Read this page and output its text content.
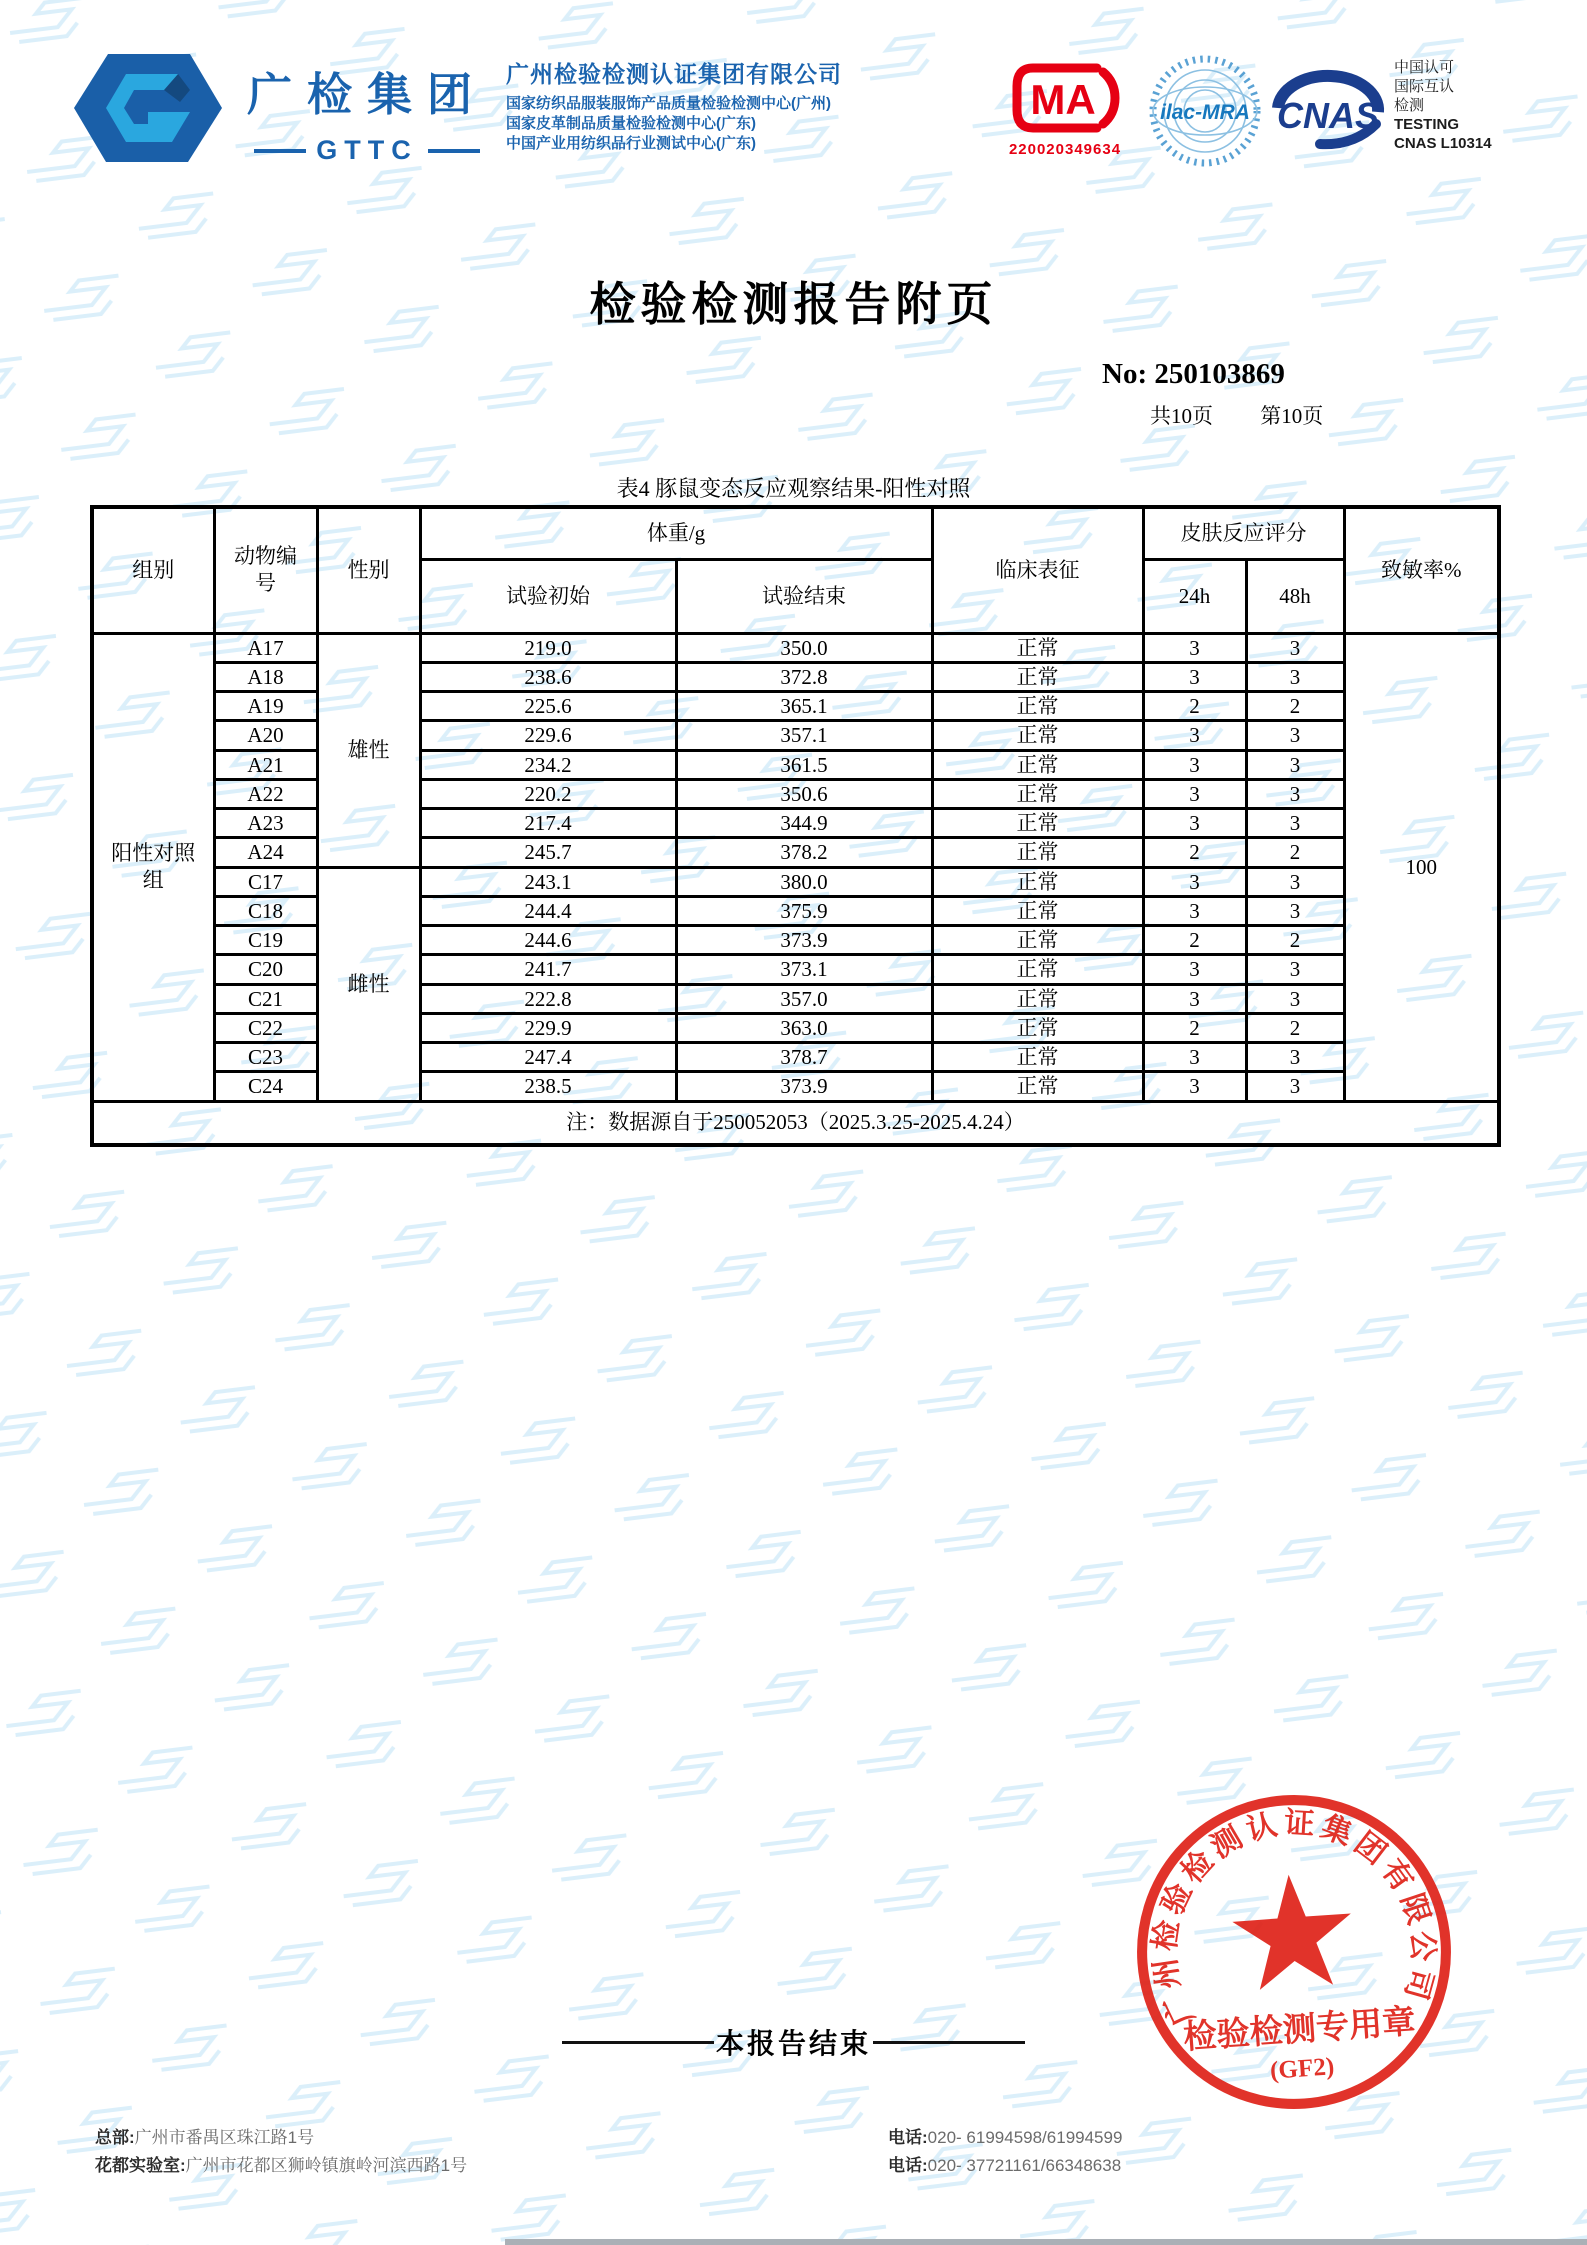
广检集团
GTTC
广州检验检测认证集团有限公司
国家纺织品服装服饰产品质量检验检测中心(广州)
国家皮革制品质量检验检测中心(广东)
中国产业用纺织品行业测试中心(广东)
MA
220020349634
ilac-MRA CNAS
中国认可
国际互认
检测
TESTING
CNAS L10314
检验检测报告附页
No: 250103869
共10页 第10页
表4 豚鼠变态反应观察结果-阳性对照
组别	动物编号	性别	体重/g		临床表征	皮肤反应评分		致敏率%
			试验初始	试验结束		24h	48h	
阳性对照组	A17	雄性	219.0	350.0	正常	3	3	100
	A18		238.6	372.8	正常	3	3	
	A19		225.6	365.1	正常	2	2	
	A20		229.6	357.1	正常	3	3	
	A21		234.2	361.5	正常	3	3	
	A22		220.2	350.6	正常	3	3	
	A23		217.4	344.9	正常	3	3	
	A24		245.7	378.2	正常	2	2	
	C17	雌性	243.1	380.0	正常	3	3	
	C18		244.4	375.9	正常	3	3	
	C19		244.6	373.9	正常	2	2	
	C20		241.7	373.1	正常	3	3	
	C21		222.8	357.0	正常	3	3	
	C22		229.9	363.0	正常	2	2	
	C23		247.4	378.7	正常	3	3	
	C24		238.5	373.9	正常	3	3	
注：数据源自于250052053（2025.3.25-2025.4.24）								
广州检验检测认证集团有限公司
检验检测专用章
(GF2)
本报告结束
总部:广州市番禺区珠江路1号
花都实验室:广州市花都区狮岭镇旗岭河滨西路1号
电话:020- 61994598/61994599
电话:020- 37721161/66348638
